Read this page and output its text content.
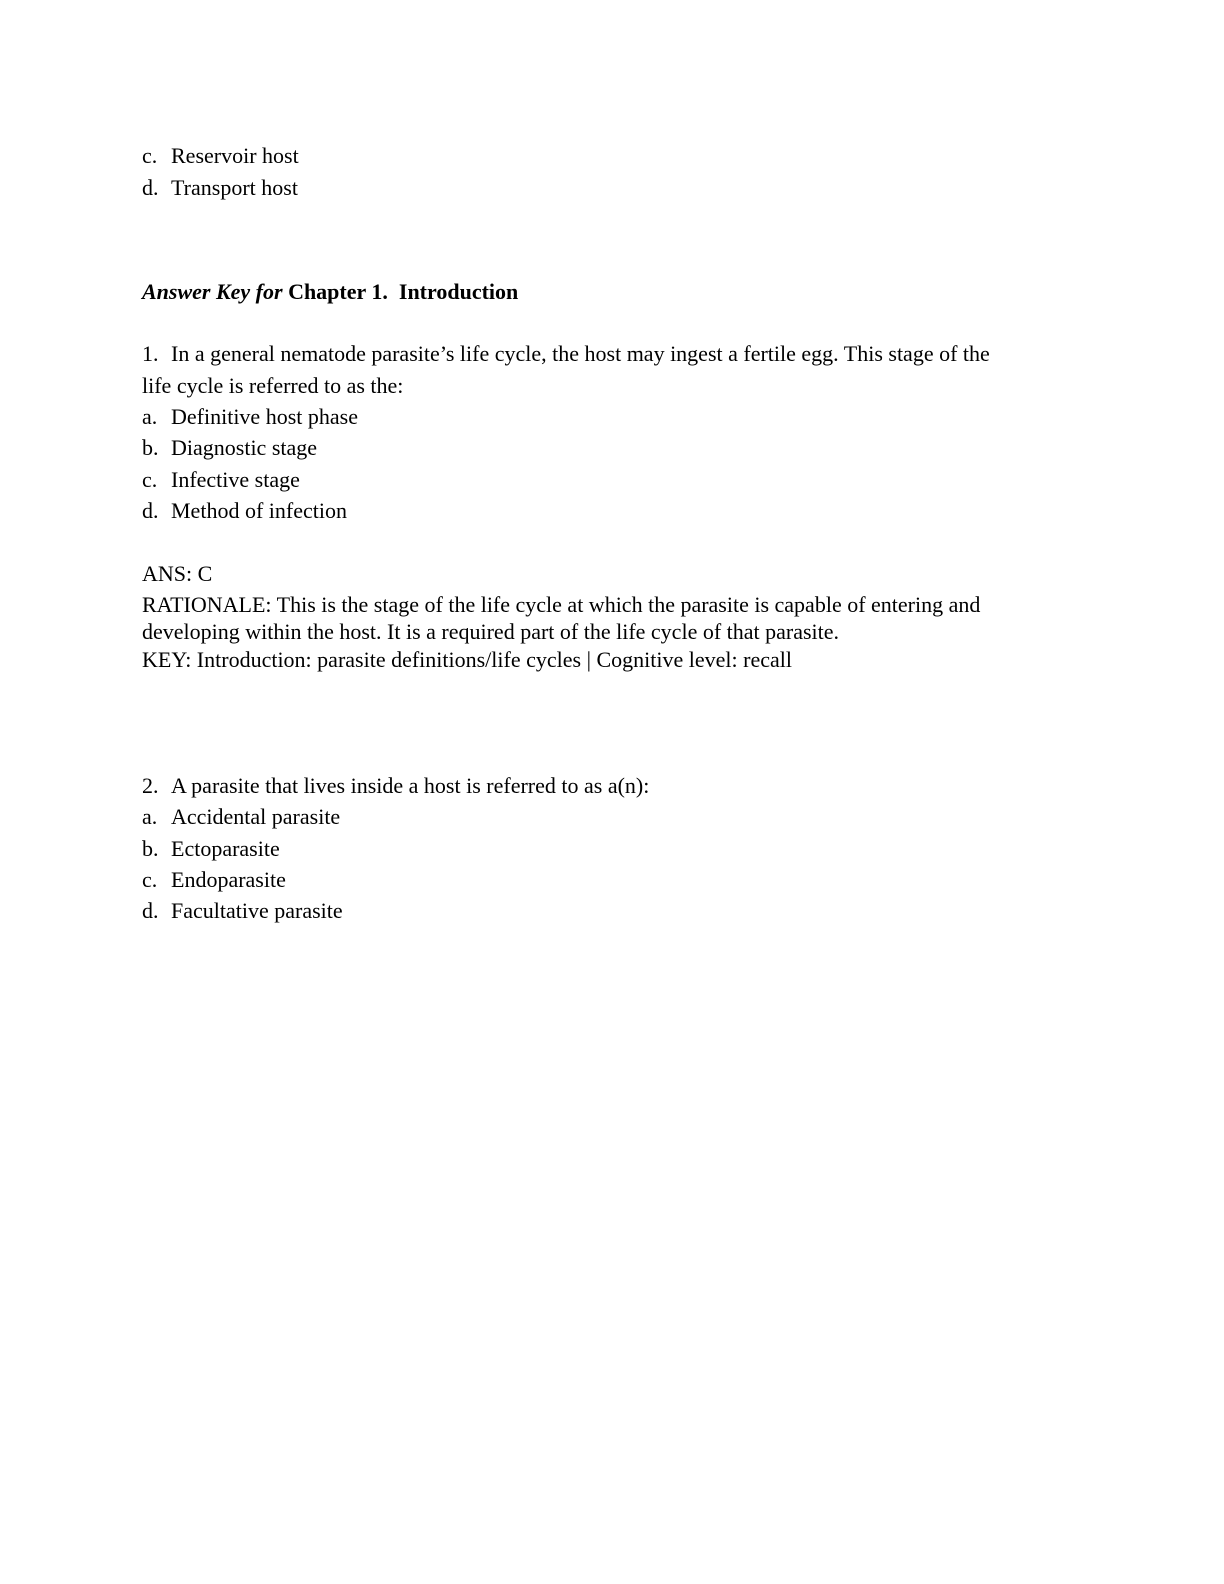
c. Reservoir host
d. Transport host
Answer Key for Chapter 1.  Introduction
1. In a general nematode parasite’s life cycle, the host may ingest a fertile egg. This stage of the
life cycle is referred to as the:
a. Definitive host phase
b. Diagnostic stage
c. Infective stage
d. Method of infection
ANS: C
RATIONALE: This is the stage of the life cycle at which the parasite is capable of entering and
developing within the host. It is a required part of the life cycle of that parasite.
KEY: Introduction: parasite definitions/life cycles | Cognitive level: recall
2. A parasite that lives inside a host is referred to as a(n):
a. Accidental parasite
b. Ectoparasite
c. Endoparasite
d. Facultative parasite
